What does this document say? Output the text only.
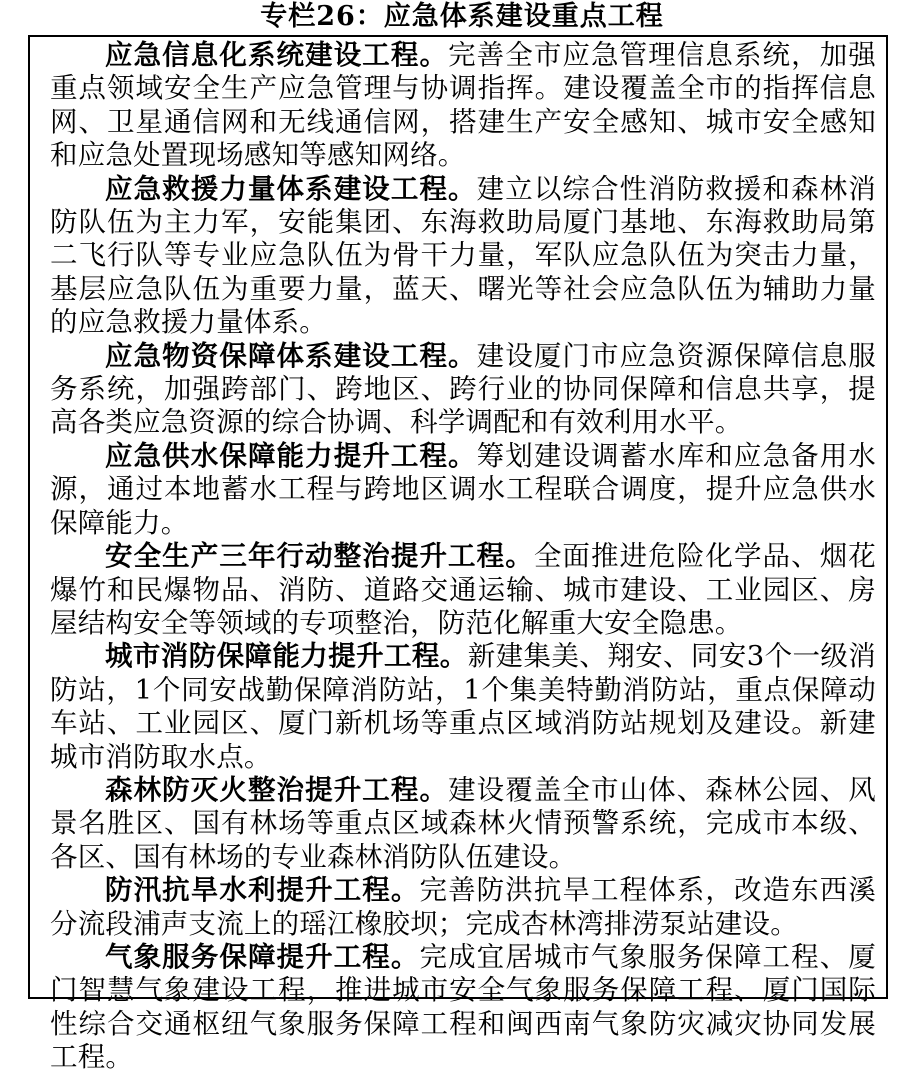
专栏26：应急体系建设重点工程

应急信息化系统建设工程。完善全市应急管理信息系统，加强重点领域安全生产应急管理与协调指挥。建设覆盖全市的指挥信息网、卫星通信网和无线通信网，搭建生产安全感知、城市安全感知和应急处置现场感知等感知网络。

应急救援力量体系建设工程。建立以综合性消防救援和森林消防队伍为主力军，安能集团、东海救助局厦门基地、东海救助局第二飞行队等专业应急队伍为骨干力量，军队应急队伍为突击力量，基层应急队伍为重要力量，蓝天、曙光等社会应急队伍为辅助力量的应急救援力量体系。

应急物资保障体系建设工程。建设厦门市应急资源保障信息服务系统，加强跨部门、跨地区、跨行业的协同保障和信息共享，提高各类应急资源的综合协调、科学调配和有效利用水平。

应急供水保障能力提升工程。筹划建设调蓄水库和应急备用水源，通过本地蓄水工程与跨地区调水工程联合调度，提升应急供水保障能力。

安全生产三年行动整治提升工程。全面推进危险化学品、烟花爆竹和民爆物品、消防、道路交通运输、城市建设、工业园区、房屋结构安全等领域的专项整治，防范化解重大安全隐患。

城市消防保障能力提升工程。新建集美、翔安、同安3个一级消防站，1个同安战勤保障消防站，1个集美特勤消防站，重点保障动车站、工业园区、厦门新机场等重点区域消防站规划及建设。新建城市消防取水点。

森林防灭火整治提升工程。建设覆盖全市山体、森林公园、风景名胜区、国有林场等重点区域森林火情预警系统，完成市本级、各区、国有林场的专业森林消防队伍建设。

防汛抗旱水利提升工程。完善防洪抗旱工程体系，改造东西溪分流段浦声支流上的瑶江橡胶坝；完成杏林湾排涝泵站建设。

气象服务保障提升工程。完成宜居城市气象服务保障工程、厦门智慧气象建设工程，推进城市安全气象服务保障工程、厦门国际性综合交通枢纽气象服务保障工程和闽西南气象防灾减灾协同发展工程。
